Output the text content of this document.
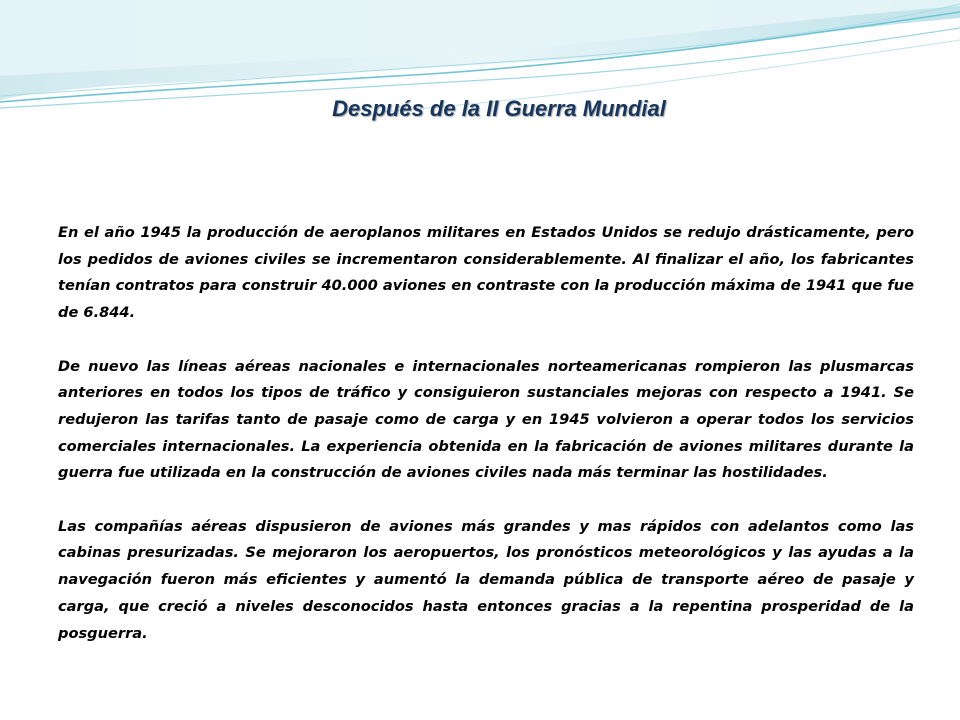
Después de la II Guerra Mundial

En el año 1945 la producción de aeroplanos militares en Estados Unidos se redujo drásticamente, pero los pedidos de aviones civiles se incrementaron considerablemente. Al finalizar el año, los fabricantes tenían contratos para construir 40.000 aviones en contraste con la producción máxima de 1941 que fue de 6.844.

De nuevo las líneas aéreas nacionales e internacionales norteamericanas rompieron las plusmarcas anteriores en todos los tipos de tráfico y consiguieron sustanciales mejoras con respecto a 1941. Se redujeron las tarifas tanto de pasaje como de carga y en 1945 volvieron a operar todos los servicios comerciales internacionales. La experiencia obtenida en la fabricación de aviones militares durante la guerra fue utilizada en la construcción de aviones civiles nada más terminar las hostilidades.

Las compañías aéreas dispusieron de aviones más grandes y mas rápidos con adelantos como las cabinas presurizadas. Se mejoraron los aeropuertos, los pronósticos meteorológicos y las ayudas a la navegación fueron más eficientes y aumentó la demanda pública de transporte aéreo de pasaje y carga, que creció a niveles desconocidos hasta entonces gracias a la repentina prosperidad de la posguerra.
